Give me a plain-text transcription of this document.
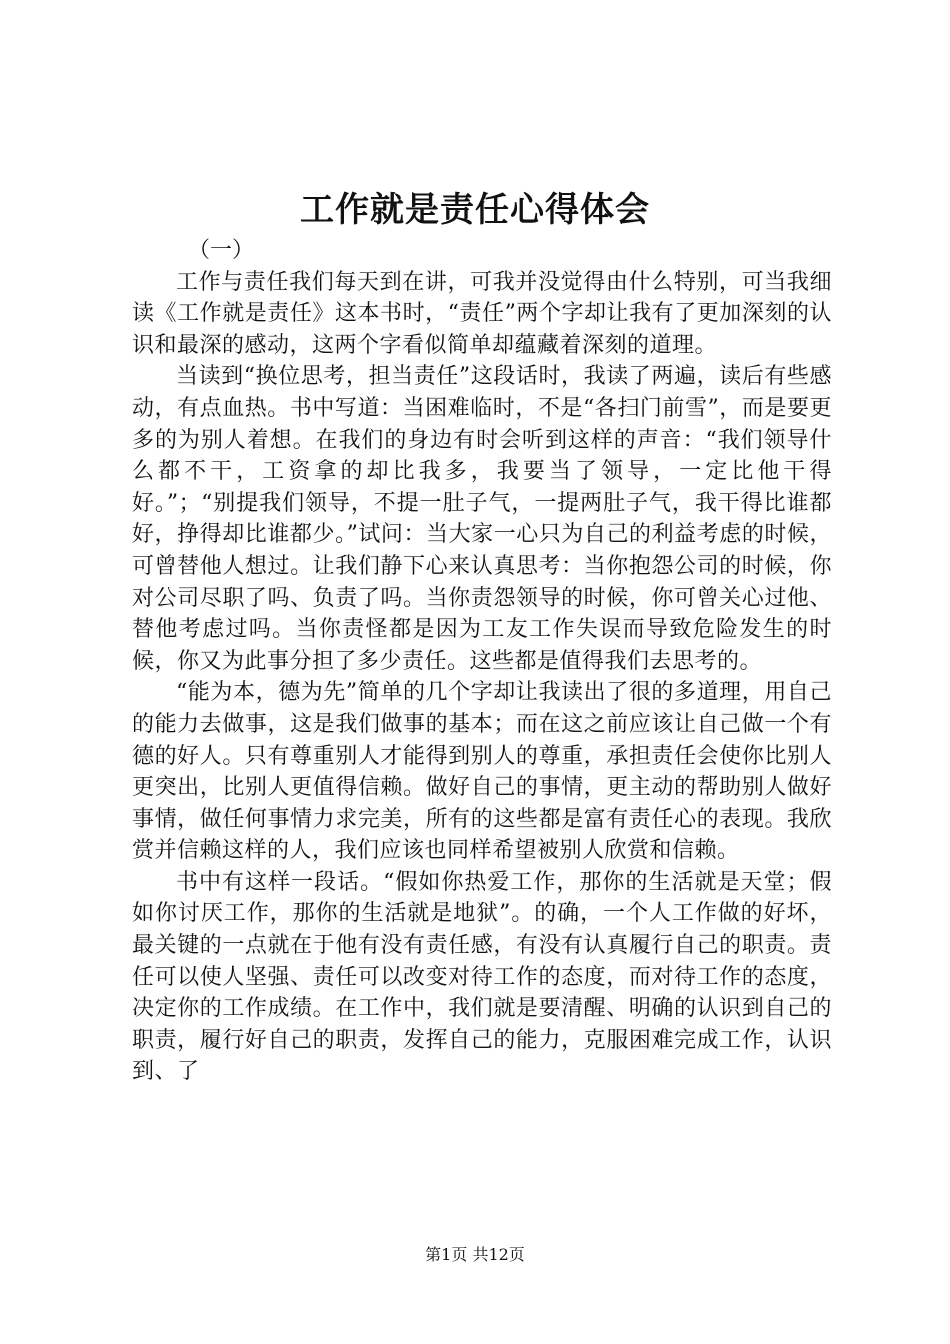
工作就是责任心得体会

（一）

工作与责任我们每天到在讲，可我并没觉得由什么特别，可当我细读《工作就是责任》这本书时，“责任”两个字却让我有了更加深刻的认识和最深的感动，这两个字看似简单却蕴藏着深刻的道理。

当读到“换位思考，担当责任”这段话时，我读了两遍，读后有些感动，有点血热。书中写道：当困难临时，不是“各扫门前雪”，而是要更多的为别人着想。在我们的身边有时会听到这样的声音：“我们领导什么都不干，工资拿的却比我多，我要当了领导，一定比他干得好。”；“别提我们领导，不提一肚子气，一提两肚子气，我干得比谁都好，挣得却比谁都少。”试问：当大家一心只为自己的利益考虑的时候，可曾替他人想过。让我们静下心来认真思考：当你抱怨公司的时候，你对公司尽职了吗、负责了吗。当你责怨领导的时候，你可曾关心过他、替他考虑过吗。当你责怪都是因为工友工作失误而导致危险发生的时候，你又为此事分担了多少责任。这些都是值得我们去思考的。

“能为本，德为先”简单的几个字却让我读出了很的多道理，用自己的能力去做事，这是我们做事的基本；而在这之前应该让自己做一个有德的好人。只有尊重别人才能得到别人的尊重，承担责任会使你比别人更突出，比别人更值得信赖。做好自己的事情，更主动的帮助别人做好事情，做任何事情力求完美，所有的这些都是富有责任心的表现。我欣赏并信赖这样的人，我们应该也同样希望被别人欣赏和信赖。

书中有这样一段话。“假如你热爱工作，那你的生活就是天堂；假如你讨厌工作，那你的生活就是地狱”。的确，一个人工作做的好坏，最关键的一点就在于他有没有责任感，有没有认真履行自己的职责。责任可以使人坚强、责任可以改变对待工作的态度，而对待工作的态度，决定你的工作成绩。在工作中，我们就是要清醒、明确的认识到自己的职责，履行好自己的职责，发挥自己的能力，克服困难完成工作，认识到、了

第1页 共12页
